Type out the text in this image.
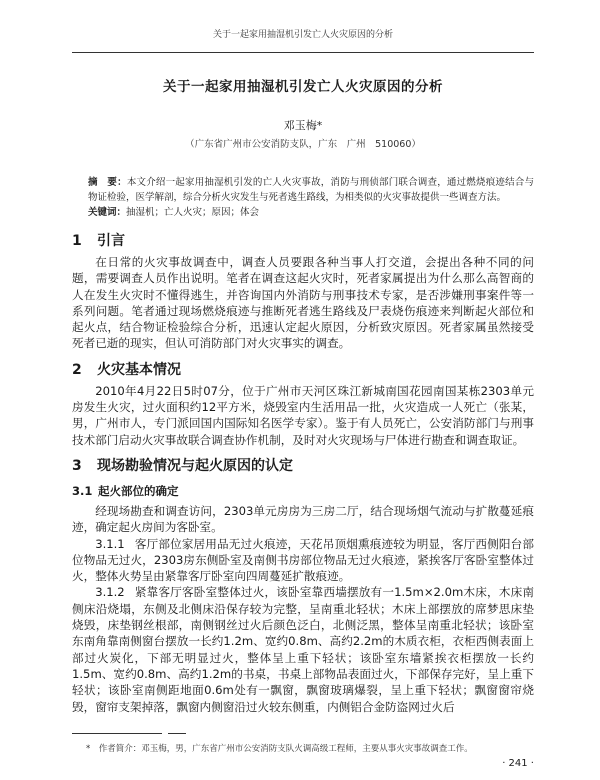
关于一起家用抽湿机引发亡人火灾原因的分析
关于一起家用抽湿机引发亡人火灾原因的分析
邓玉梅*
（广东省广州市公安消防支队，广东　广州　510060）
摘　要：本文介绍一起家用抽湿机引发的亡人火灾事故，消防与刑侦部门联合调查，通过燃烧痕迹结合与物证检验，医学解剖，综合分析火灾发生与死者逃生路线，为相类似的火灾事故提供一些调查方法。
关键词：抽湿机；亡人火灾；原因；体会
1 引言
在日常的火灾事故调查中，调查人员要跟各种当事人打交道，会提出各种不同的问题，需要调查人员作出说明。笔者在调查这起火灾时，死者家属提出为什么那么高智商的人在发生火灾时不懂得逃生，并咨询国内外消防与刑事技术专家，是否涉嫌刑事案件等一系列问题。笔者通过现场燃烧痕迹与推断死者逃生路线及尸表烧伤痕迹来判断起火部位和起火点，结合物证检验综合分析，迅速认定起火原因，分析致灾原因。死者家属虽然接受死者已逝的现实，但认可消防部门对火灾事实的调查。
2 火灾基本情况
2010年4月22日5时07分，位于广州市天河区珠江新城南国花园南国某栋2303单元房发生火灾，过火面积约12平方米，烧毁室内生活用品一批，火灾造成一人死亡（张某，男，广州市人，专门派回国内国际知名医学专家）。鉴于有人员死亡，公安消防部门与刑事技术部门启动火灾事故联合调查协作机制，及时对火灾现场与尸体进行勘查和调查取证。
3 现场勘验情况与起火原因的认定
3.1 起火部位的确定
经现场勘查和调查访问，2303单元房房为三房二厅，结合现场烟气流动与扩散蔓延痕迹，确定起火房间为客卧室。
3.1.1 客厅部位家居用品无过火痕迹，天花吊顶烟熏痕迹较为明显，客厅西侧阳台部位物品无过火，2303房东侧卧室及南侧书房部位物品无过火痕迹，紧挨客厅客卧室整体过火，整体火势呈由紧靠客厅卧室向四周蔓延扩散痕迹。
3.1.2 紧靠客厅客卧室整体过火，该卧室靠西墙摆放有一1.5m×2.0m木床，木床南侧床沿烧塌，东侧及北侧床沿保存较为完整，呈南重北轻状；木床上部摆放的席梦思床垫烧毁，床垫钢丝根部，南侧钢丝过火后颜色泛白，北侧泛黑，整体呈南重北轻状；该卧室东南角靠南侧窗台摆放一长约1.2m、宽约0.8m、高约2.2m的木质衣柜，衣柜西侧表面上部过火炭化，下部无明显过火，整体呈上重下轻状；该卧室东墙紧挨衣柜摆放一长约1.5m、宽约0.8m、高约1.2m的书桌，书桌上部物品表面过火，下部保存完好，呈上重下轻状；该卧室南侧距地面0.6m处有一飘窗，飘窗玻璃爆裂，呈上重下轻状；飘窗窗帘烧毁，窗帘支架掉落，飘窗内侧窗沿过火较东侧重，内侧铝合金防盗网过火后
*　作者简介：邓玉梅，男，广东省广州市公安消防支队火调高级工程师，主要从事火灾事故调查工作。
· 241 ·
